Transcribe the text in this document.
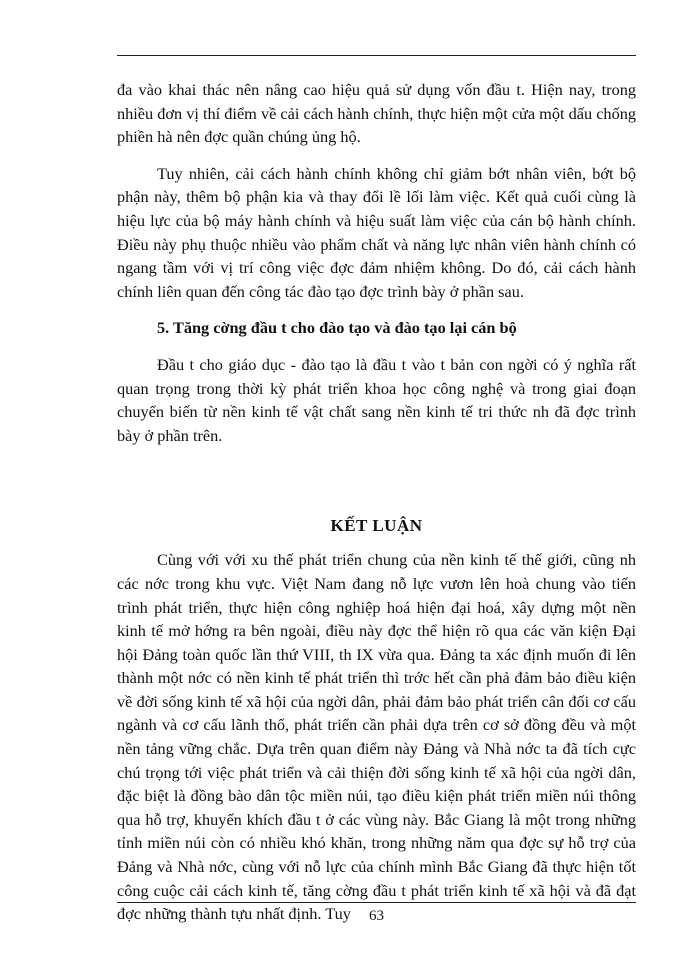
đa vào khai thác nên nâng cao hiệu quả sử dụng vốn đầu t. Hiện nay, trong nhiều đơn vị thí điểm về cải cách hành chính, thực hiện một cửa một dấu chống phiền hà nên đợc quần chúng ủng hộ.

Tuy nhiên, cải cách hành chính không chỉ giảm bớt nhân viên, bớt bộ phận này, thêm bộ phận kia và thay đổi lề lối làm việc. Kết quả cuối cùng là hiệu lực của bộ máy hành chính và hiệu suất làm việc của cán bộ hành chính. Điều này phụ thuộc nhiều vào phẩm chất và năng lực nhân viên hành chính có ngang tầm với vị trí công việc đợc đảm nhiệm không. Do đó, cải cách hành chính liên quan đến công tác đào tạo đợc trình bày ở phần sau.

5. Tăng cờng đầu t cho đào tạo và đào tạo lại cán bộ

Đầu t cho giáo dục - đào tạo là đầu t vào t bản con ngời có ý nghĩa rất quan trọng trong thời kỳ phát triển khoa học công nghệ và trong giai đoạn chuyển biến từ nền kinh tế vật chất sang nền kinh tế tri thức nh đã đợc trình bày ở phần trên.

KẾT LUẬN

Cùng với với xu thế phát triển chung của nền kinh tế thế giới, cũng nh các nớc trong khu vực. Việt Nam đang nỗ lực vươn lên hoà chung vào tiến trình phát triển, thực hiện công nghiệp hoá hiện đại hoá, xây dựng một nền kinh tế mở hớng ra bên ngoài, điều này đợc thể hiện rõ qua các văn kiện Đại hội Đảng toàn quốc lần thứ VIII, th IX vừa qua. Đảng ta xác định muốn đi lên thành một nớc có nền kinh tế phát triển thì trớc hết cần phả đảm bảo điều kiện về đời sống kinh tế xã hội của ngời dân, phải đảm bảo phát triển cân đối cơ cấu ngành và cơ cấu lãnh thổ, phát triển cần phải dựa trên cơ sở đồng đều và một nền tảng vững chắc. Dựa trên quan điểm này Đảng và Nhà nớc ta đã tích cực chú trọng tới việc phát triển và cải thiện đời sống kinh tế xã hội của ngời dân, đặc biệt là đồng bào dân tộc miền núi, tạo điều kiện phát triển miền núi thông qua hỗ trợ, khuyến khích đầu t ở các vùng này. Bắc Giang là một trong những tỉnh miền núi còn có nhiều khó khăn, trong những năm qua đợc sự hỗ trợ của Đảng và Nhà nớc, cùng với nỗ lực của chính mình Bắc Giang đã thực hiện tốt công cuộc cải cách kinh tế, tăng cờng đầu t phát triển kinh tế xã hội và đã đạt đợc những thành tựu nhất định. Tuy	63
